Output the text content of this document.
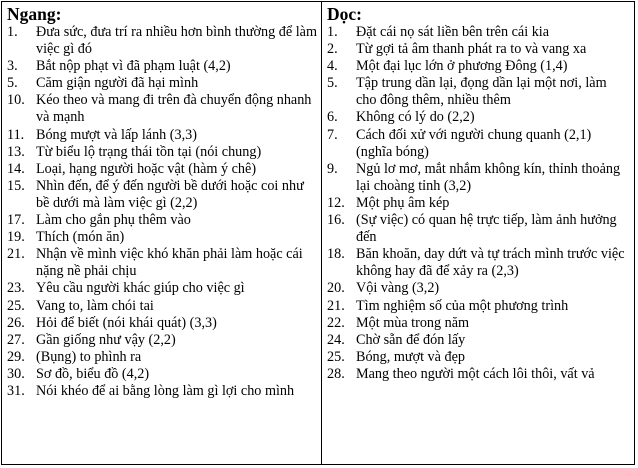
Ngang:
1.	Đưa sức, đưa trí ra nhiều hơn bình thường để làm việc gì đó
3.	Bắt nộp phạt vì đã phạm luật (4,2)
5.	Căm giận người đã hại mình
10. Kéo theo và mang đi trên đà chuyển động nhanh và mạnh
11. Bóng mượt và lấp lánh (3,3)
13. Từ biểu lộ trạng thái tồn tại (nói chung)
14. Loại, hạng người hoặc vật (hàm ý chê)
15. Nhìn đến, để ý đến người bề dưới hoặc coi như bề dưới mà làm việc gì (2,2)
17. Làm cho gắn phụ thêm vào
19. Thích (món ăn)
21. Nhận về mình việc khó khăn phải làm hoặc cái nặng nề phải chịu
23. Yêu cầu người khác giúp cho việc gì
25. Vang to, làm chói tai
26. Hỏi để biết (nói khái quát) (3,3)
27. Gần giống như vậy (2,2)
29. (Bụng) to phình ra
30. Sơ đồ, biểu đồ (4,2)
31. Nói khéo để ai bằng lòng làm gì lợi cho mình
Dọc:
1.	Đặt cái nọ sát liền bên trên cái kia
2.	Từ gợi tả âm thanh phát ra to và vang xa
4.	Một đại lục lớn ở phương Đông (1,4)
5.	Tập trung dần lại, đọng dần lại một nơi, làm cho đông thêm, nhiều thêm
6.	Không có lý do (2,2)
7.	Cách đối xử với người chung quanh (2,1) (nghĩa bóng)
9.	Ngủ lơ mơ, mắt nhắm không kín, thỉnh thoảng lại choàng tỉnh (3,2)
12. Một phụ âm kép
16. (Sự việc) có quan hệ trực tiếp, làm ảnh hưởng đến
18. Băn khoăn, day dứt và tự trách mình trước việc không hay đã để xảy ra (2,3)
20. Vội vàng (3,2)
21. Tìm nghiệm số của một phương trình
22. Một mùa trong năm
24. Chờ sẵn để đón lấy
25. Bóng, mượt và đẹp
28. Mang theo người một cách lôi thôi, vất vả
